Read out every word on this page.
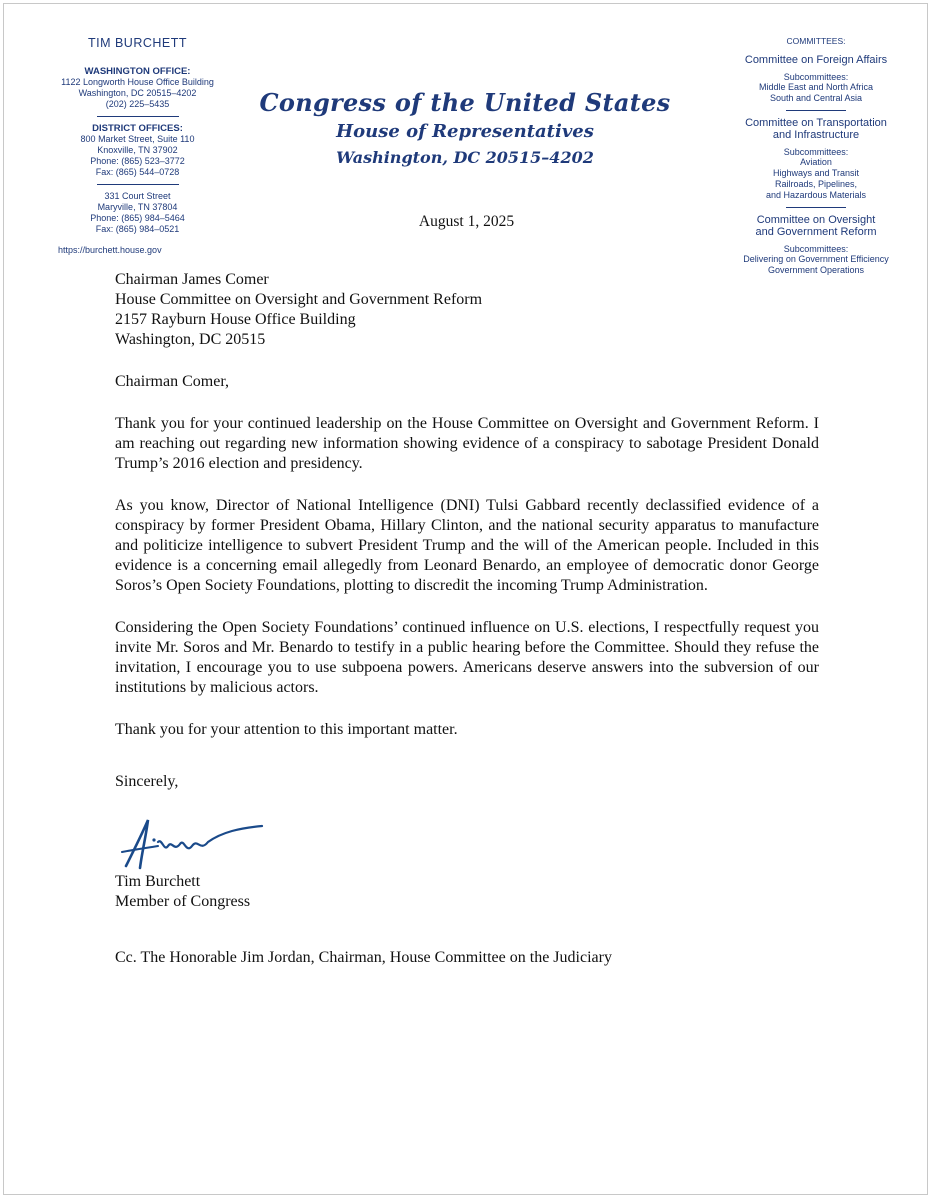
TIM BURCHETT
WASHINGTON OFFICE:
1122 Longworth House Office Building
Washington, DC 20515–4202
(202) 225–5435
DISTRICT OFFICES:
800 Market Street, Suite 110
Knoxville, TN 37902
Phone: (865) 523–3772
Fax: (865) 544–0728
331 Court Street
Maryville, TN 37804
Phone: (865) 984–5464
Fax: (865) 984–0521
https://burchett.house.gov
Congress of the United States
House of Representatives
Washington, DC 20515–4202
August 1, 2025
COMMITTEES:
Committee on Foreign Affairs
Subcommittees:
Middle East and North Africa
South and Central Asia
Committee on Transportation
and Infrastructure
Subcommittees:
Aviation
Highways and Transit
Railroads, Pipelines,
and Hazardous Materials
Committee on Oversight
and Government Reform
Subcommittees:
Delivering on Government Efficiency
Government Operations
Chairman James Comer
House Committee on Oversight and Government Reform
2157 Rayburn House Office Building
Washington, DC 20515

Chairman Comer,

Thank you for your continued leadership on the House Committee on Oversight and Government Reform. I am reaching out regarding new information showing evidence of a conspiracy to sabotage President Donald Trump’s 2016 election and presidency.

As you know, Director of National Intelligence (DNI) Tulsi Gabbard recently declassified evidence of a conspiracy by former President Obama, Hillary Clinton, and the national security apparatus to manufacture and politicize intelligence to subvert President Trump and the will of the American people. Included in this evidence is a concerning email allegedly from Leonard Benardo, an employee of democratic donor George Soros’s Open Society Foundations, plotting to discredit the incoming Trump Administration.

Considering the Open Society Foundations’ continued influence on U.S. elections, I respectfully request you invite Mr. Soros and Mr. Benardo to testify in a public hearing before the Committee. Should they refuse the invitation, I encourage you to use subpoena powers. Americans deserve answers into the subversion of our institutions by malicious actors.

Thank you for your attention to this important matter.

Sincerely,

Tim Burchett
Member of Congress
Cc. The Honorable Jim Jordan, Chairman, House Committee on the Judiciary
